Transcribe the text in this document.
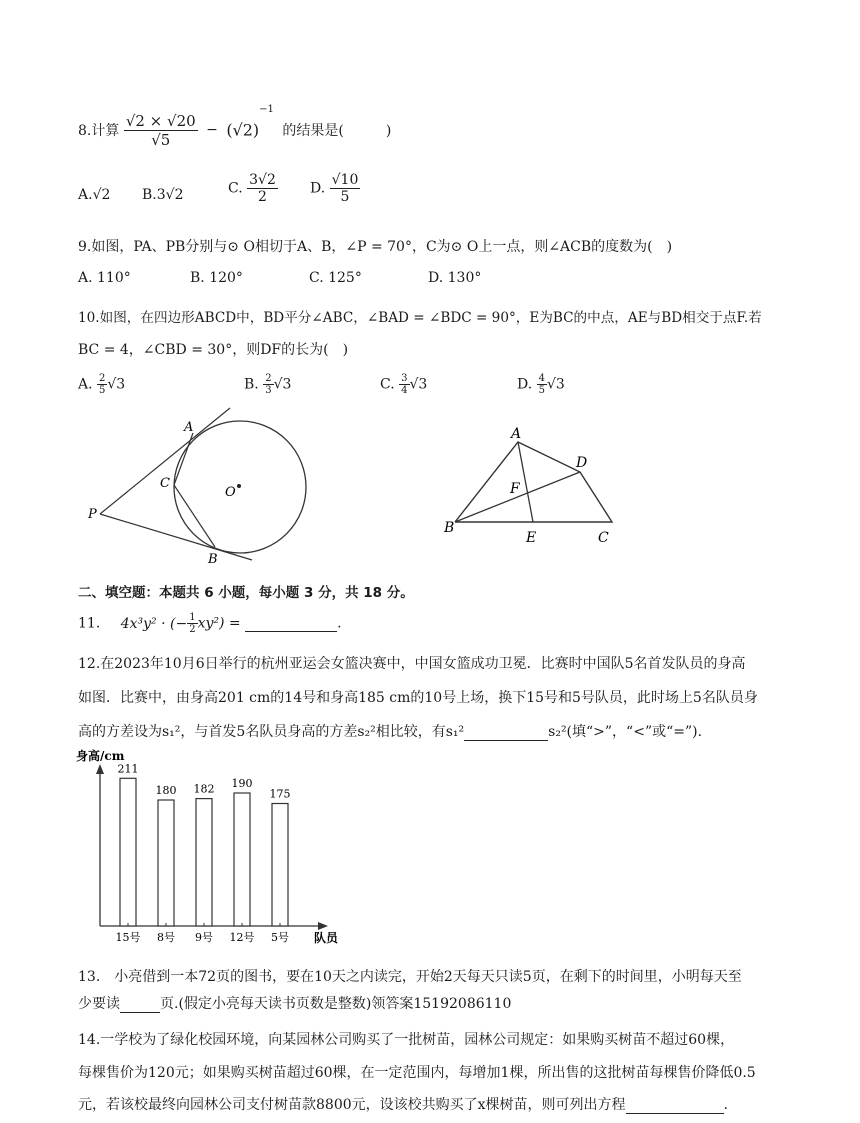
8.计算 $\frac{√2 \times √20}{√5} - (√2)^{-1}$ 的结果是(　　　)
A.√2 B.3√2	C. $\frac{3√2}{2} D$. $\frac{√10}{5}$
9.如图，PA、PB分别与⊙ O相切于A、B，∠P = 70°，C为⊙ O上一点，则∠ACB的度数为(　)
A. 110°	B. 120°	C. 125°	D. 130°
10.如图，在四边形ABCD中，BD平分∠ABC，∠BAD = ∠BDC = 90°，E为BC的中点，AE与BD相交于点F.若
BC = 4，∠CBD = 30°，则DF的长为(　)
A. $\frac{2}{5} √3$	B. $\frac{2}{3} √3$	C. $\frac{3}{4} √3$	D. $\frac{4}{5} √3$
A
C
O
P
B
A
D
F
B
E	C
二、填空题：本题共 6 小题，每小题 3 分，共 18 分。
11. 4x³y² · (− $\frac{1}{2} xy^2$) =	.
12.在2023年10月6日举行的杭州亚运会女篮决赛中，中国女篮成功卫冕．比赛时中国队5名首发队员的身高
如图．比赛中，由身高201 cm的14号和身高185 cm的10号上场，换下15号和5号队员，此时场上5名队员身
高的方差设为s₁²，与首发5名队员身高的方差s₂²相比较，有s₁²	s₂²(填“>”，“<”或“=”).
身高/cm
队员
211
15号
180
8号
182
9号
190
12号
175
5号
13.　小亮借到一本72页的图书，要在10天之内读完，开始2天每天只读5页，在剩下的时间里，小明每天至
少要读	页.(假定小亮每天读书页数是整数)领答案15192086110
14.一学校为了绿化校园环境，向某园林公司购买了一批树苗，园林公司规定：如果购买树苗不超过60棵，
每棵售价为120元；如果购买树苗超过60棵，在一定范围内，每增加1棵，所出售的这批树苗每棵售价降低0.5
元，若该校最终向园林公司支付树苗款8800元，设该校共购买了x棵树苗，则可列出方程	.
